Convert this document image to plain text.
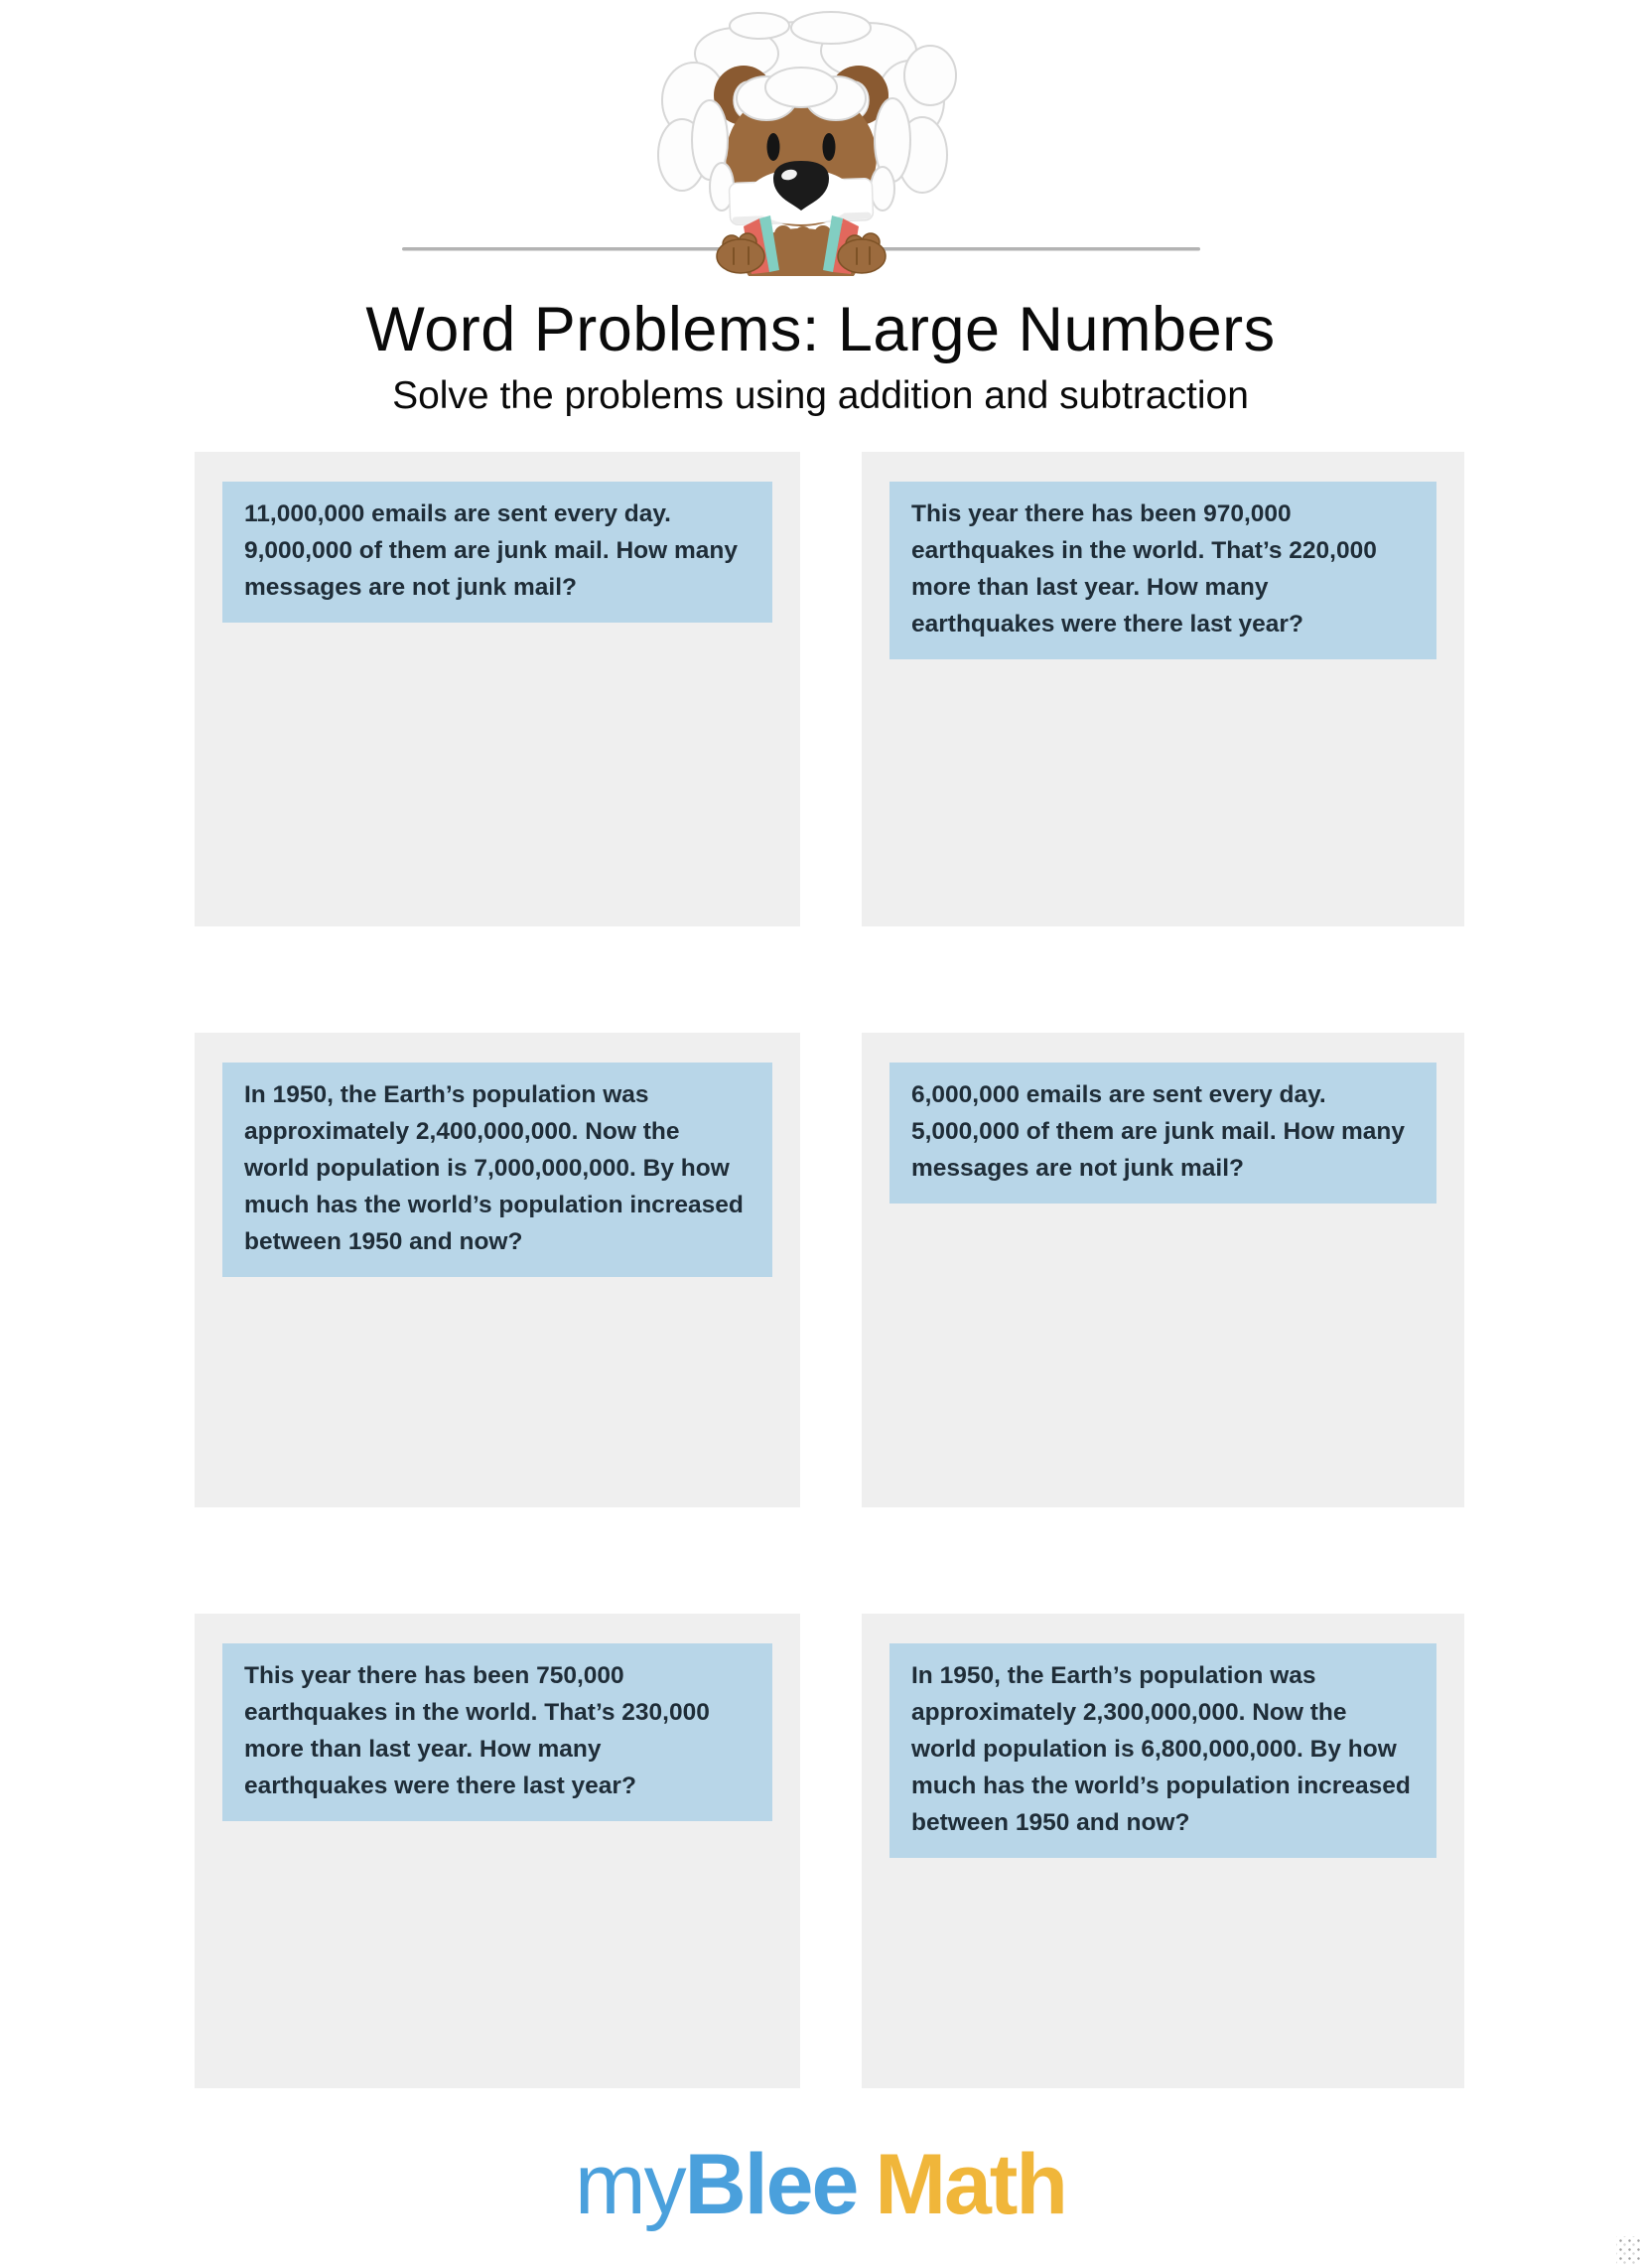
Word Problems: Large Numbers
Solve the problems using addition and subtraction
11,000,000 emails are sent every day. 9,000,000 of them are junk mail. How many messages are not junk mail?
This year there has been 970,000 earthquakes in the world. That’s 220,000 more than last year. How many earthquakes were there last year?
In 1950, the Earth’s population was approximately 2,400,000,000. Now the world population is 7,000,000,000. By how much has the world’s population increased between 1950 and now?
6,000,000 emails are sent every day. 5,000,000 of them are junk mail. How many messages are not junk mail?
This year there has been 750,000 earthquakes in the world. That’s 230,000 more than last year. How many earthquakes were there last year?
In 1950, the Earth’s population was approximately 2,300,000,000. Now the world population is 6,800,000,000. By how much has the world’s population increased between 1950 and now?
myBlee Math
